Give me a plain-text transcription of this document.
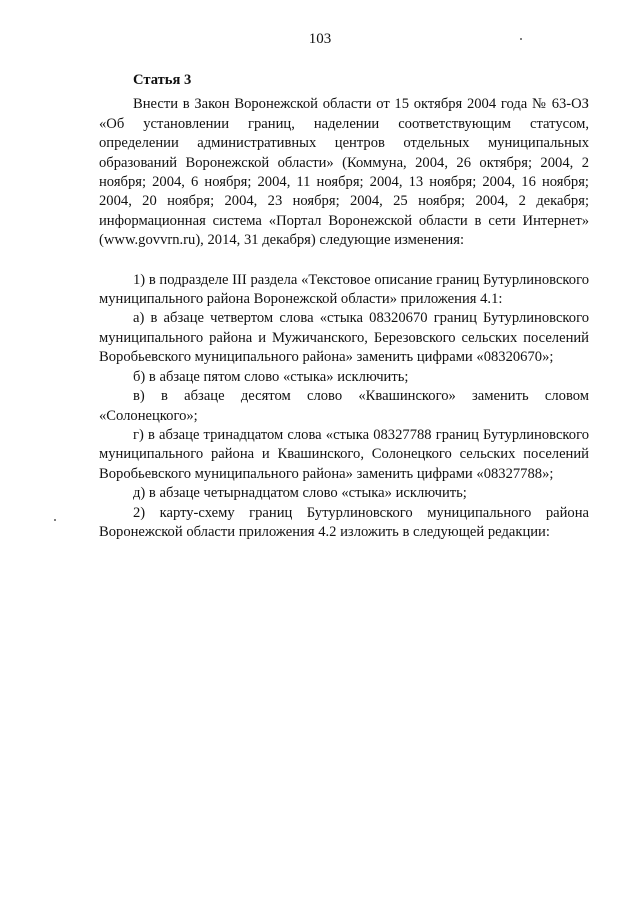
103

Статья 3

Внести в Закон Воронежской области от 15 октября 2004 года № 63-ОЗ «Об установлении границ, наделении соответствующим статусом, определении административных центров отдельных муниципальных образований Воронежской области» (Коммуна, 2004, 26 октября; 2004, 2 ноября; 2004, 6 ноября; 2004, 11 ноября; 2004, 13 ноября; 2004, 16 ноября; 2004, 20 ноября; 2004, 23 ноября; 2004, 25 ноября; 2004, 2 декабря; информационная система «Портал Воронежской области в сети Интернет» (www.govvrn.ru), 2014, 31 декабря) следующие изменения:

1) в подразделе III раздела «Текстовое описание границ Бутурлиновского муниципального района Воронежской области» приложения 4.1:

а) в абзаце четвертом слова «стыка 08320670 границ Бутурлиновского муниципального района и Мужичанского, Березовского сельских поселений Воробьевского муниципального района» заменить цифрами «08320670»;

б) в абзаце пятом слово «стыка» исключить;

в) в абзаце десятом слово «Квашинского» заменить словом «Солонецкого»;

г) в абзаце тринадцатом слова «стыка 08327788 границ Бутурлиновского муниципального района и Квашинского, Солонецкого сельских поселений Воробьевского муниципального района» заменить цифрами «08327788»;

д) в абзаце четырнадцатом слово «стыка» исключить;

2) карту-схему границ Бутурлиновского муниципального района Воронежской области приложения 4.2 изложить в следующей редакции:
